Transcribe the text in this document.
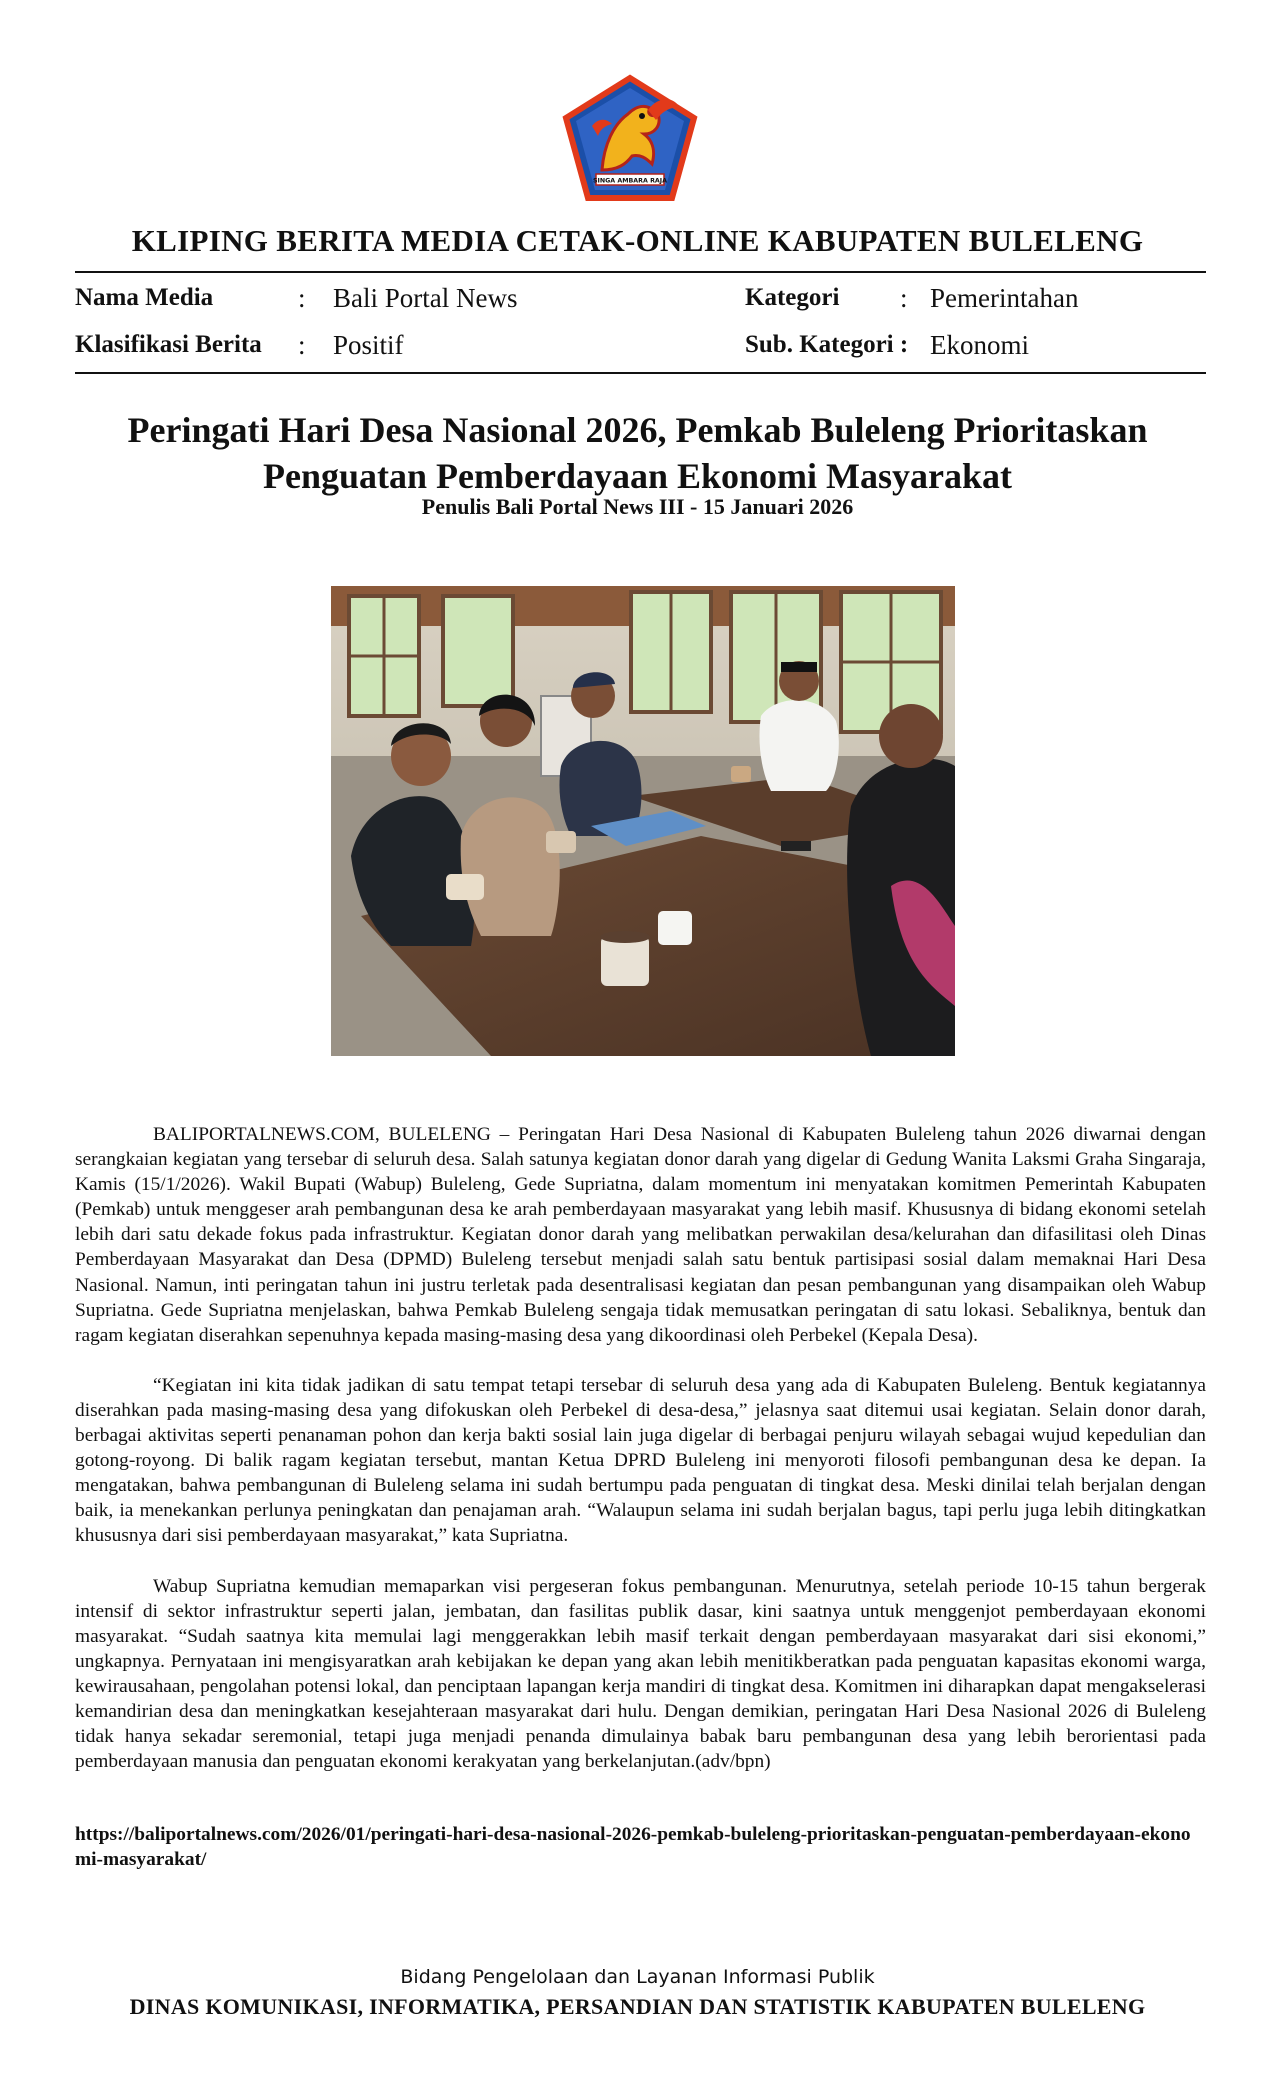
SINGA AMBARA RAJA
KLIPING BERITA MEDIA CETAK-ONLINE KABUPATEN BULELENG
Nama Media	: Bali Portal News	Kategori : Pemerintahan
Klasifikasi Berita : Positif	Sub. Kategori : Ekonomi
Peringati Hari Desa Nasional 2026, Pemkab Buleleng Prioritaskan
Penguatan Pemberdayaan Ekonomi Masyarakat
Penulis Bali Portal News III - 15 Januari 2026

BALIPORTALNEWS.COM, BULELENG – Peringatan Hari Desa Nasional di Kabupaten Buleleng tahun 2026 diwarnai dengan serangkaian kegiatan yang tersebar di seluruh desa. Salah satunya kegiatan donor darah yang digelar di Gedung Wanita Laksmi Graha Singaraja, Kamis (15/1/2026). Wakil Bupati (Wabup) Buleleng, Gede Supriatna, dalam momentum ini menyatakan komitmen Pemerintah Kabupaten (Pemkab) untuk menggeser arah pembangunan desa ke arah pemberdayaan masyarakat yang lebih masif. Khususnya di bidang ekonomi setelah lebih dari satu dekade fokus pada infrastruktur. Kegiatan donor darah yang melibatkan perwakilan desa/kelurahan dan difasilitasi oleh Dinas Pemberdayaan Masyarakat dan Desa (DPMD) Buleleng tersebut menjadi salah satu bentuk partisipasi sosial dalam memaknai Hari Desa Nasional. Namun, inti peringatan tahun ini justru terletak pada desentralisasi kegiatan dan pesan pembangunan yang disampaikan oleh Wabup Supriatna. Gede Supriatna menjelaskan, bahwa Pemkab Buleleng sengaja tidak memusatkan peringatan di satu lokasi. Sebaliknya, bentuk dan ragam kegiatan diserahkan sepenuhnya kepada masing-masing desa yang dikoordinasi oleh Perbekel (Kepala Desa).

“Kegiatan ini kita tidak jadikan di satu tempat tetapi tersebar di seluruh desa yang ada di Kabupaten Buleleng. Bentuk kegiatannya diserahkan pada masing-masing desa yang difokuskan oleh Perbekel di desa-desa,” jelasnya saat ditemui usai kegiatan. Selain donor darah, berbagai aktivitas seperti penanaman pohon dan kerja bakti sosial lain juga digelar di berbagai penjuru wilayah sebagai wujud kepedulian dan gotong-royong. Di balik ragam kegiatan tersebut, mantan Ketua DPRD Buleleng ini menyoroti filosofi pembangunan desa ke depan. Ia mengatakan, bahwa pembangunan di Buleleng selama ini sudah bertumpu pada penguatan di tingkat desa. Meski dinilai telah berjalan dengan baik, ia menekankan perlunya peningkatan dan penajaman arah. “Walaupun selama ini sudah berjalan bagus, tapi perlu juga lebih ditingkatkan khususnya dari sisi pemberdayaan masyarakat,” kata Supriatna.

Wabup Supriatna kemudian memaparkan visi pergeseran fokus pembangunan. Menurutnya, setelah periode 10-15 tahun bergerak intensif di sektor infrastruktur seperti jalan, jembatan, dan fasilitas publik dasar, kini saatnya untuk menggenjot pemberdayaan ekonomi masyarakat. “Sudah saatnya kita memulai lagi menggerakkan lebih masif terkait dengan pemberdayaan masyarakat dari sisi ekonomi,” ungkapnya. Pernyataan ini mengisyaratkan arah kebijakan ke depan yang akan lebih menitikberatkan pada penguatan kapasitas ekonomi warga, kewirausahaan, pengolahan potensi lokal, dan penciptaan lapangan kerja mandiri di tingkat desa. Komitmen ini diharapkan dapat mengakselerasi kemandirian desa dan meningkatkan kesejahteraan masyarakat dari hulu. Dengan demikian, peringatan Hari Desa Nasional 2026 di Buleleng tidak hanya sekadar seremonial, tetapi juga menjadi penanda dimulainya babak baru pembangunan desa yang lebih berorientasi pada pemberdayaan manusia dan penguatan ekonomi kerakyatan yang berkelanjutan.(adv/bpn)

https://baliportalnews.com/2026/01/peringati-hari-desa-nasional-2026-pemkab-buleleng-prioritaskan-penguatan-pemberdayaan-ekonomi-masyarakat/
Bidang Pengelolaan dan Layanan Informasi Publik
DINAS KOMUNIKASI, INFORMATIKA, PERSANDIAN DAN STATISTIK KABUPATEN BULELENG
